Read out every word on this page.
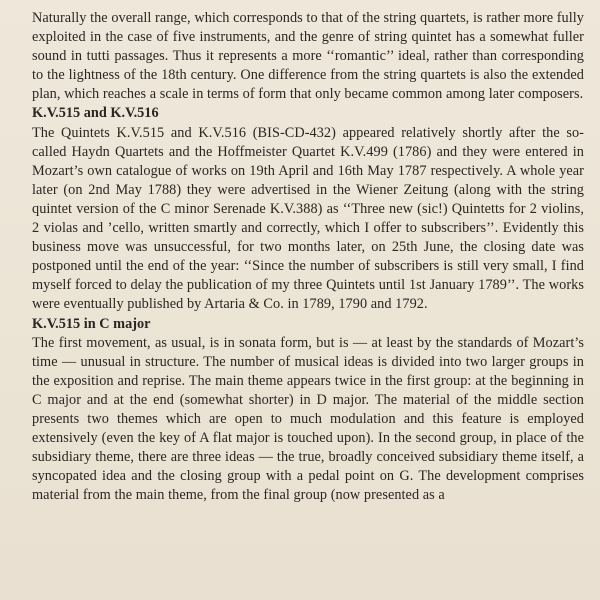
Naturally the overall range, which corresponds to that of the string quartets, is rather more fully exploited in the case of five instruments, and the genre of string quintet has a somewhat fuller sound in tutti passages. Thus it represents a more ‘‘romantic’’ ideal, rather than corresponding to the lightness of the 18th century. One difference from the string quartets is also the extended plan, which reaches a scale in terms of form that only became common among later composers.

K.V.515 and K.V.516

The Quintets K.V.515 and K.V.516 (BIS-CD-432) appeared relatively shortly after the so-called Haydn Quartets and the Hoffmeister Quartet K.V.499 (1786) and they were entered in Mozart’s own catalogue of works on 19th April and 16th May 1787 respectively. A whole year later (on 2nd May 1788) they were advertised in the Wiener Zeitung (along with the string quintet version of the C minor Serenade K.V.388) as ‘‘Three new (sic!) Quintetts for 2 violins, 2 violas and ’cello, written smartly and correctly, which I offer to subscribers’’. Evidently this business move was unsuccessful, for two months later, on 25th June, the closing date was postponed until the end of the year: ‘‘Since the number of subscribers is still very small, I find myself forced to delay the publication of my three Quintets until 1st January 1789’’. The works were eventually published by Artaria & Co. in 1789, 1790 and 1792.

K.V.515 in C major

The first movement, as usual, is in sonata form, but is — at least by the standards of Mozart’s time — unusual in structure. The number of musical ideas is divided into two larger groups in the exposition and reprise. The main theme appears twice in the first group: at the beginning in C major and at the end (somewhat shorter) in D major. The material of the middle section presents two themes which are open to much modulation and this feature is employed extensively (even the key of A flat major is touched upon). In the second group, in place of the subsidiary theme, there are three ideas — the true, broadly conceived subsidiary theme itself, a syncopated idea and the closing group with a pedal point on G. The development comprises material from the main theme, from the final group (now presented as a
